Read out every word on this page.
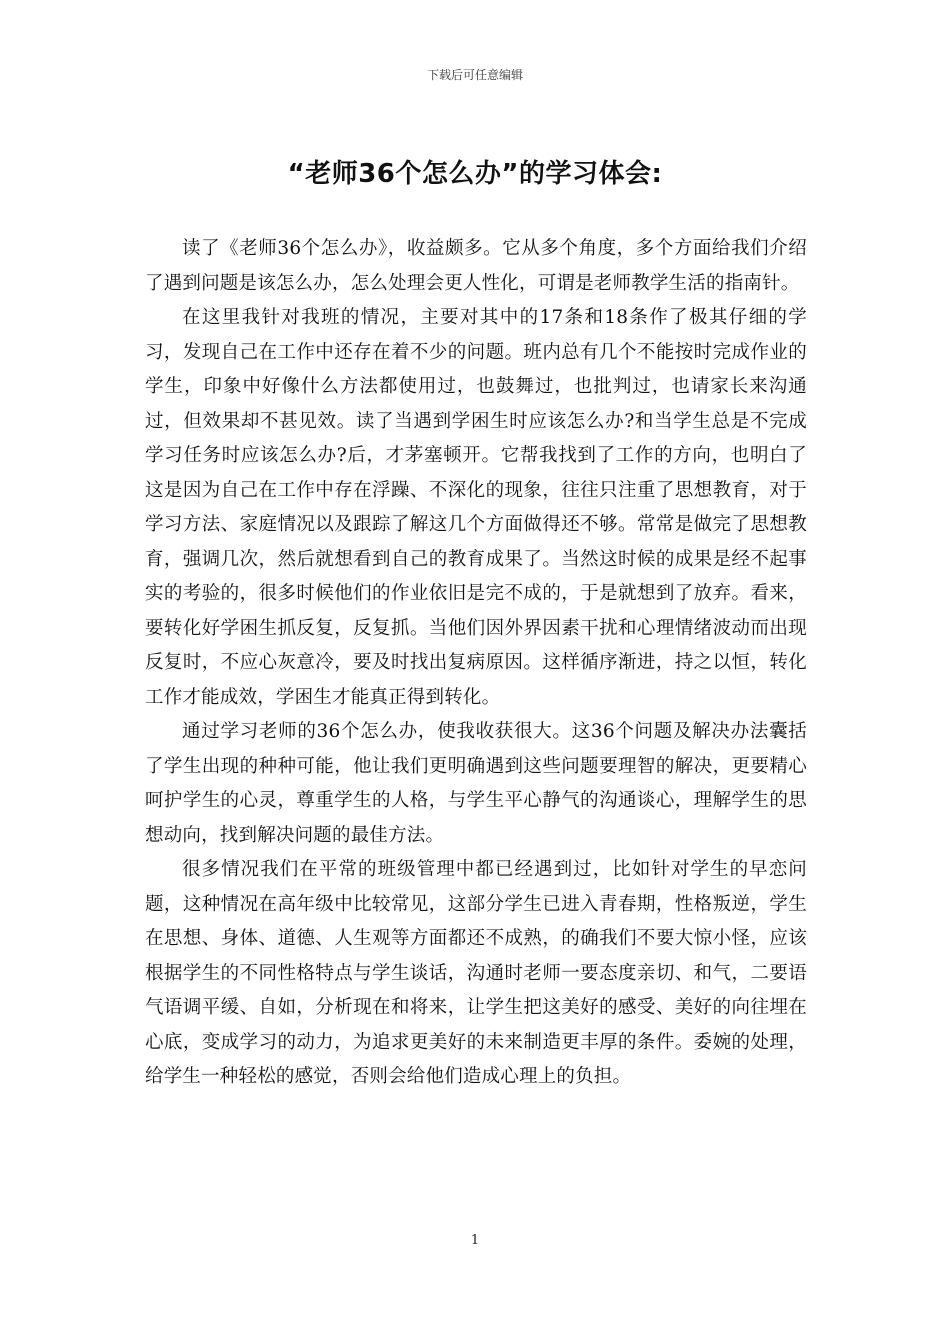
下载后可任意编辑
“老师36个怎么办”的学习体会:

读了《老师36个怎么办》，收益颇多。它从多个角度，多个方面给我们介绍了遇到问题是该怎么办，怎么处理会更人性化，可谓是老师教学生活的指南针。

在这里我针对我班的情况，主要对其中的17条和18条作了极其仔细的学习，发现自己在工作中还存在着不少的问题。班内总有几个不能按时完成作业的学生，印象中好像什么方法都使用过，也鼓舞过，也批判过，也请家长来沟通过，但效果却不甚见效。读了当遇到学困生时应该怎么办?和当学生总是不完成学习任务时应该怎么办?后，才茅塞顿开。它帮我找到了工作的方向，也明白了这是因为自己在工作中存在浮躁、不深化的现象，往往只注重了思想教育，对于学习方法、家庭情况以及跟踪了解这几个方面做得还不够。常常是做完了思想教育，强调几次，然后就想看到自己的教育成果了。当然这时候的成果是经不起事实的考验的，很多时候他们的作业依旧是完不成的，于是就想到了放弃。看来，要转化好学困生抓反复，反复抓。当他们因外界因素干扰和心理情绪波动而出现反复时，不应心灰意冷，要及时找出复病原因。这样循序渐进，持之以恒，转化工作才能成效，学困生才能真正得到转化。

通过学习老师的36个怎么办，使我收获很大。这36个问题及解决办法囊括了学生出现的种种可能，他让我们更明确遇到这些问题要理智的解决，更要精心呵护学生的心灵，尊重学生的人格，与学生平心静气的沟通谈心，理解学生的思想动向，找到解决问题的最佳方法。

很多情况我们在平常的班级管理中都已经遇到过，比如针对学生的早恋问题，这种情况在高年级中比较常见，这部分学生已进入青春期，性格叛逆，学生在思想、身体、道德、人生观等方面都还不成熟，的确我们不要大惊小怪，应该根据学生的不同性格特点与学生谈话，沟通时老师一要态度亲切、和气，二要语气语调平缓、自如，分析现在和将来，让学生把这美好的感受、美好的向往埋在心底，变成学习的动力，为追求更美好的未来制造更丰厚的条件。委婉的处理，给学生一种轻松的感觉，否则会给他们造成心理上的负担。

1
